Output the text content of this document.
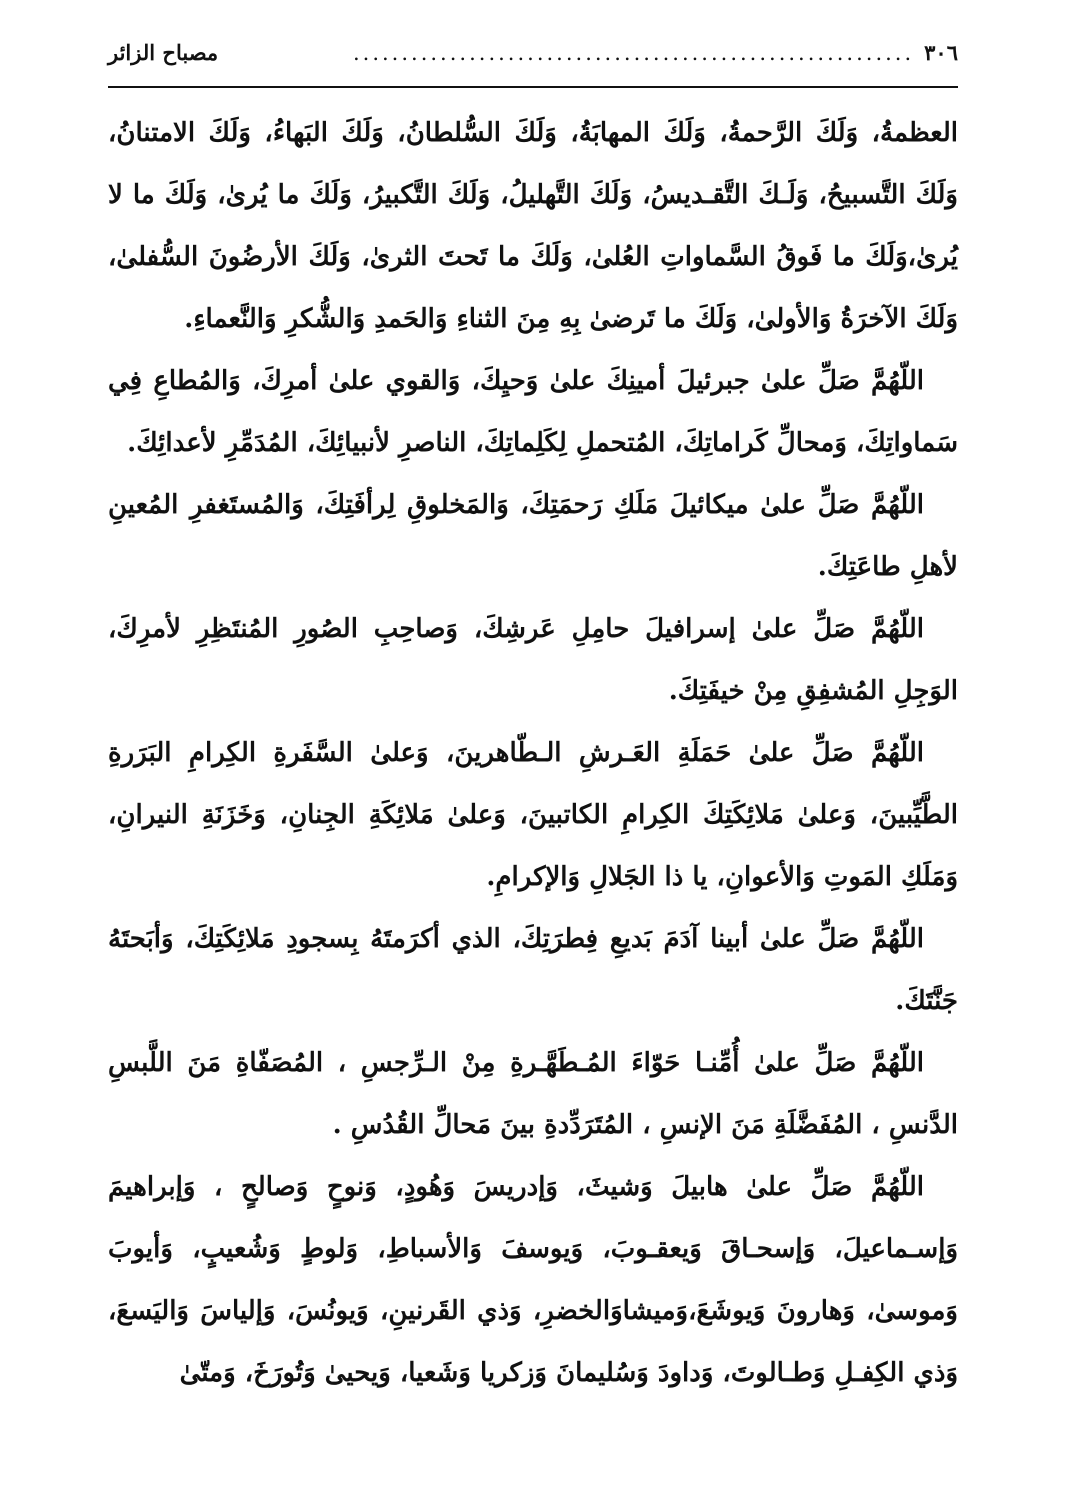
٣٠٦
..........................................................
مصباح الزائر

العظمةُ، وَلَكَ الرَّحمةُ، وَلَكَ المهابَةُ، وَلَكَ السُّلطانُ، وَلَكَ البَهاءُ، وَلَكَ الامتنانُ، وَلَكَ التَّسبيحُ، وَلَـكَ التَّقـديسُ، وَلَكَ التَّهليلُ، وَلَكَ التَّكبيرُ، وَلَكَ ما يُرىٰ، وَلَكَ ما لا يُرىٰ،وَلَكَ ما فَوقُ السَّماواتِ العُلىٰ، وَلَكَ ما تَحتَ الثرىٰ، وَلَكَ الأرضُونَ السُّفلىٰ، وَلَكَ الآخرَةُ وَالأولىٰ، وَلَكَ ما تَرضىٰ بِهِ مِنَ الثناءِ وَالحَمدِ وَالشُّكرِ وَالنَّعماءِ.

اللّهُمَّ صَلِّ علىٰ جبرئيلَ أمينِكَ علىٰ وَحيِكَ، وَالقوي علىٰ أمرِكَ، وَالمُطاعِ فِي سَماواتِكَ، وَمحالِّ كَراماتِكَ، المُتحملِ لِكَلِماتِكَ، الناصرِ لأنبيائِكَ، المُدَمِّرِ لأعدائِكَ.

اللّهُمَّ صَلِّ علىٰ ميكائيلَ مَلَكِ رَحمَتِكَ، وَالمَخلوقِ لِرأفَتِكَ، وَالمُستَغفرِ المُعينِ لأهلِ طاعَتِكَ.

اللّهُمَّ صَلِّ علىٰ إسرافيلَ حامِلِ عَرشِكَ، وَصاحِبِ الصُورِ المُنتَظِرِ لأمرِكَ، الوَجِلِ المُشفِقِ مِنْ خيفَتِكَ.

اللّهُمَّ صَلِّ علىٰ حَمَلَةِ العَـرشِ الـطّاهرينَ، وَعلىٰ السَّفَرةِ الكِرامِ البَرَرةِ الطَّيِّبينَ، وَعلىٰ مَلائِكَتِكَ الكِرامِ الكاتبينَ، وَعلىٰ مَلائِكَةِ الجِنانِ، وَخَزَنَةِ النيرانِ، وَمَلَكِ المَوتِ وَالأعوانِ، يا ذا الجَلالِ وَالإكرامِ.

اللّهُمَّ صَلِّ علىٰ أبينا آدَمَ بَديعِ فِطرَتِكَ، الذي أكرَمتَهُ بِسجودِ مَلائِكَتِكَ، وَأبَحتَهُ جَنَّتَكَ.

اللّهُمَّ صَلِّ علىٰ أُمِّنـا حَوّاءَ المُـطَهَّـرةِ مِنْ الـرِّجسِ ، المُصَفّاةِ مَنَ اللَّبسِ الدَّنسِ ، المُفَضَّلَةِ مَنَ الإنسِ ، المُتَرَدِّدةِ بينَ مَحالِّ القُدُسِ .

اللّهُمَّ صَلِّ علىٰ هابيلَ وَشيثَ، وَإدريسَ وَهُودٍ، وَنوحٍ وَصالحٍ ، وَإبراهيمَ وَإسـماعيلَ، وَإسحـاقَ وَيعقـوبَ، وَيوسفَ وَالأسباطِ، وَلوطٍ وَشُعيبٍ، وَأيوبَ وَموسىٰ، وَهارونَ وَيوشَعَ،وَميشاوَالخضرِ، وَذي القَرنينِ، وَيونُسَ، وَإلياسَ وَاليَسعَ، وَذي الكِفـلِ وَطـالوتَ، وَداودَ وَسُليمانَ وَزكريا وَشَعيا، وَيحيىٰ وَتُورَخَ، وَمتّىٰ
